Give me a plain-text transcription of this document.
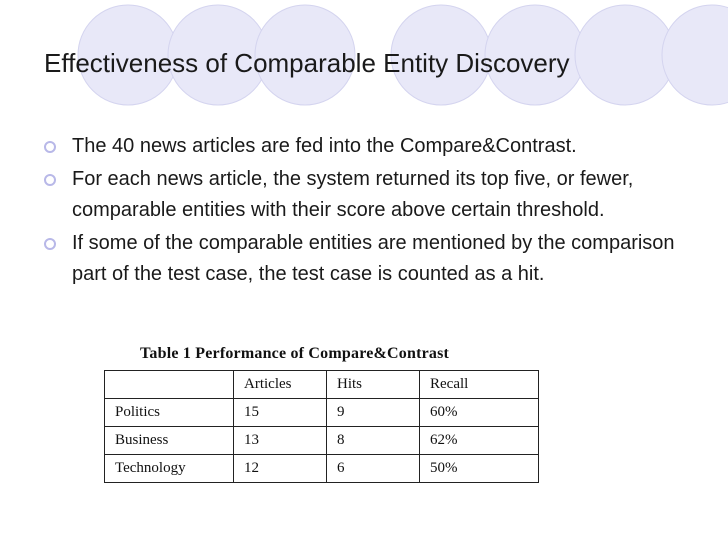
Effectiveness of Comparable Entity Discovery
The 40 news articles are fed into the Compare&Contrast.
For each news article, the system returned its top five, or fewer, comparable entities with their score above certain threshold.
If some of the comparable entities are mentioned by the comparison part of the test case, the test case is counted as a hit.
Table 1 Performance of Compare&Contrast
	Articles	Hits	Recall
Politics	15	9	60%
Business	13	8	62%
Technology	12	6	50%
